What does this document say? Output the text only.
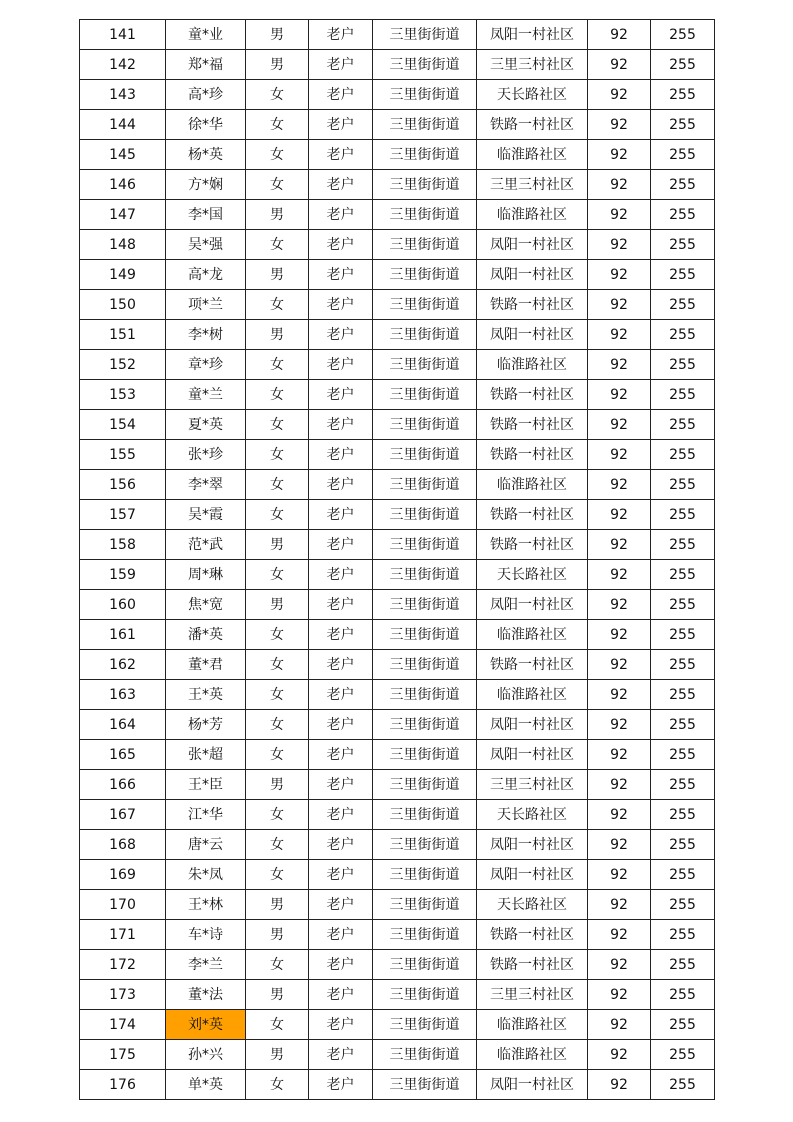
141	童*业	男	老户	三里街街道	凤阳一村社区	92	255
142	郑*福	男	老户	三里街街道	三里三村社区	92	255
143	高*珍	女	老户	三里街街道	天长路社区	92	255
144	徐*华	女	老户	三里街街道	铁路一村社区	92	255
145	杨*英	女	老户	三里街街道	临淮路社区	92	255
146	方*娴	女	老户	三里街街道	三里三村社区	92	255
147	李*国	男	老户	三里街街道	临淮路社区	92	255
148	吴*强	女	老户	三里街街道	凤阳一村社区	92	255
149	高*龙	男	老户	三里街街道	凤阳一村社区	92	255
150	项*兰	女	老户	三里街街道	铁路一村社区	92	255
151	李*树	男	老户	三里街街道	凤阳一村社区	92	255
152	章*珍	女	老户	三里街街道	临淮路社区	92	255
153	童*兰	女	老户	三里街街道	铁路一村社区	92	255
154	夏*英	女	老户	三里街街道	铁路一村社区	92	255
155	张*珍	女	老户	三里街街道	铁路一村社区	92	255
156	李*翠	女	老户	三里街街道	临淮路社区	92	255
157	吴*霞	女	老户	三里街街道	铁路一村社区	92	255
158	范*武	男	老户	三里街街道	铁路一村社区	92	255
159	周*琳	女	老户	三里街街道	天长路社区	92	255
160	焦*宽	男	老户	三里街街道	凤阳一村社区	92	255
161	潘*英	女	老户	三里街街道	临淮路社区	92	255
162	董*君	女	老户	三里街街道	铁路一村社区	92	255
163	王*英	女	老户	三里街街道	临淮路社区	92	255
164	杨*芳	女	老户	三里街街道	凤阳一村社区	92	255
165	张*超	女	老户	三里街街道	凤阳一村社区	92	255
166	王*臣	男	老户	三里街街道	三里三村社区	92	255
167	江*华	女	老户	三里街街道	天长路社区	92	255
168	唐*云	女	老户	三里街街道	凤阳一村社区	92	255
169	朱*凤	女	老户	三里街街道	凤阳一村社区	92	255
170	王*林	男	老户	三里街街道	天长路社区	92	255
171	车*诗	男	老户	三里街街道	铁路一村社区	92	255
172	李*兰	女	老户	三里街街道	铁路一村社区	92	255
173	董*法	男	老户	三里街街道	三里三村社区	92	255
174	刘*英	女	老户	三里街街道	临淮路社区	92	255
175	孙*兴	男	老户	三里街街道	临淮路社区	92	255
176	单*英	女	老户	三里街街道	凤阳一村社区	92	255
